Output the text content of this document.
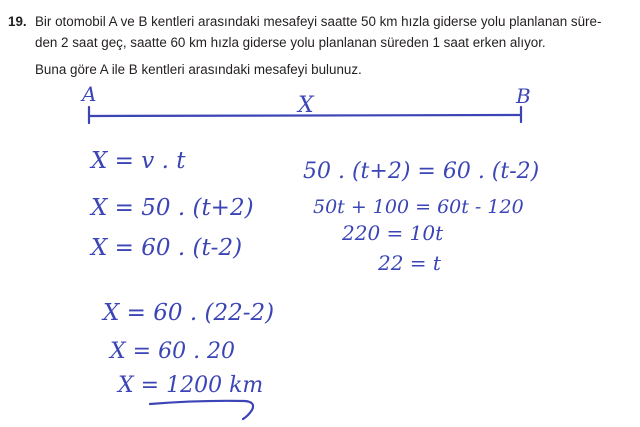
19. Bir otomobil A ve B kentleri arasındaki mesafeyi saatte 50 km hızla giderse yolu planlanan süre-
den 2 saat geç, saatte 60 km hızla giderse yolu planlanan süreden 1 saat erken alıyor.
Buna göre A ile B kentleri arasındaki mesafeyi bulunuz.
A	X	B
X = v . t
X = 50 . (t+2)
X = 60 . (t-2)
50 . (t+2) = 60 . (t-2)
50t + 100 = 60t - 120
220 = 10t
22 = t
X = 60 . (22-2)
X = 60 . 20
X = 1200 km
